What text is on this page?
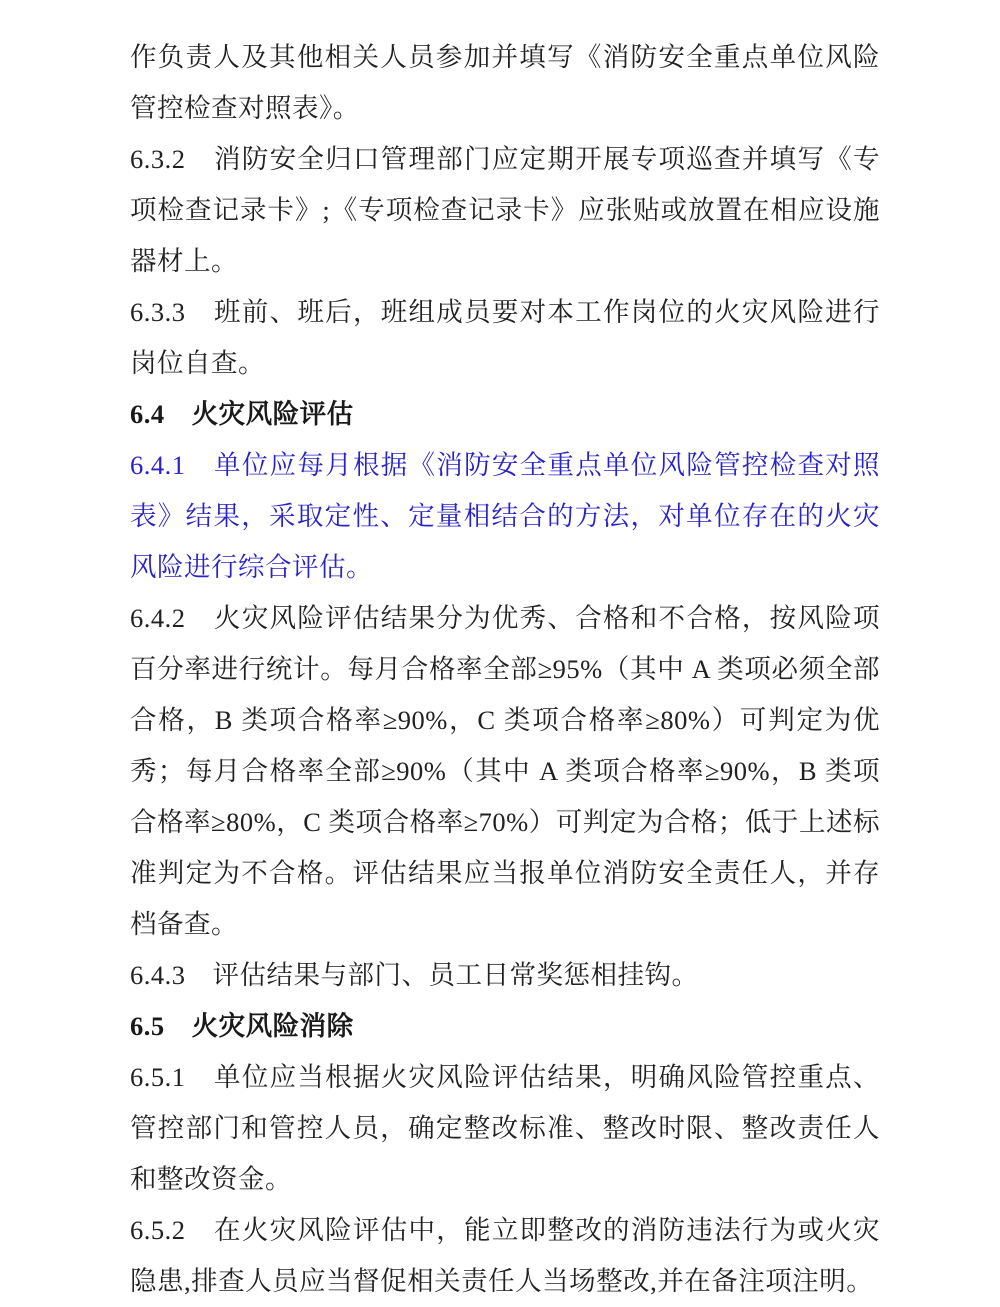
作负责人及其他相关人员参加并填写《消防安全重点单位风险管控检查对照表》。

6.3.2　消防安全归口管理部门应定期开展专项巡查并填写《专项检查记录卡》;《专项检查记录卡》应张贴或放置在相应设施器材上。

6.3.3　班前、班后，班组成员要对本工作岗位的火灾风险进行岗位自查。

6.4　火灾风险评估

6.4.1　单位应每月根据《消防安全重点单位风险管控检查对照表》结果，采取定性、定量相结合的方法，对单位存在的火灾风险进行综合评估。

6.4.2　火灾风险评估结果分为优秀、合格和不合格，按风险项百分率进行统计。每月合格率全部≥95%（其中 A 类项必须全部合格，B 类项合格率≥90%，C 类项合格率≥80%）可判定为优秀；每月合格率全部≥90%（其中 A 类项合格率≥90%，B 类项合格率≥80%，C 类项合格率≥70%）可判定为合格；低于上述标准判定为不合格。评估结果应当报单位消防安全责任人，并存档备查。

6.4.3　评估结果与部门、员工日常奖惩相挂钩。

6.5　火灾风险消除

6.5.1　单位应当根据火灾风险评估结果，明确风险管控重点、管控部门和管控人员，确定整改标准、整改时限、整改责任人和整改资金。

6.5.2　在火灾风险评估中，能立即整改的消防违法行为或火灾隐患,排查人员应当督促相关责任人当场整改,并在备注项注明。
